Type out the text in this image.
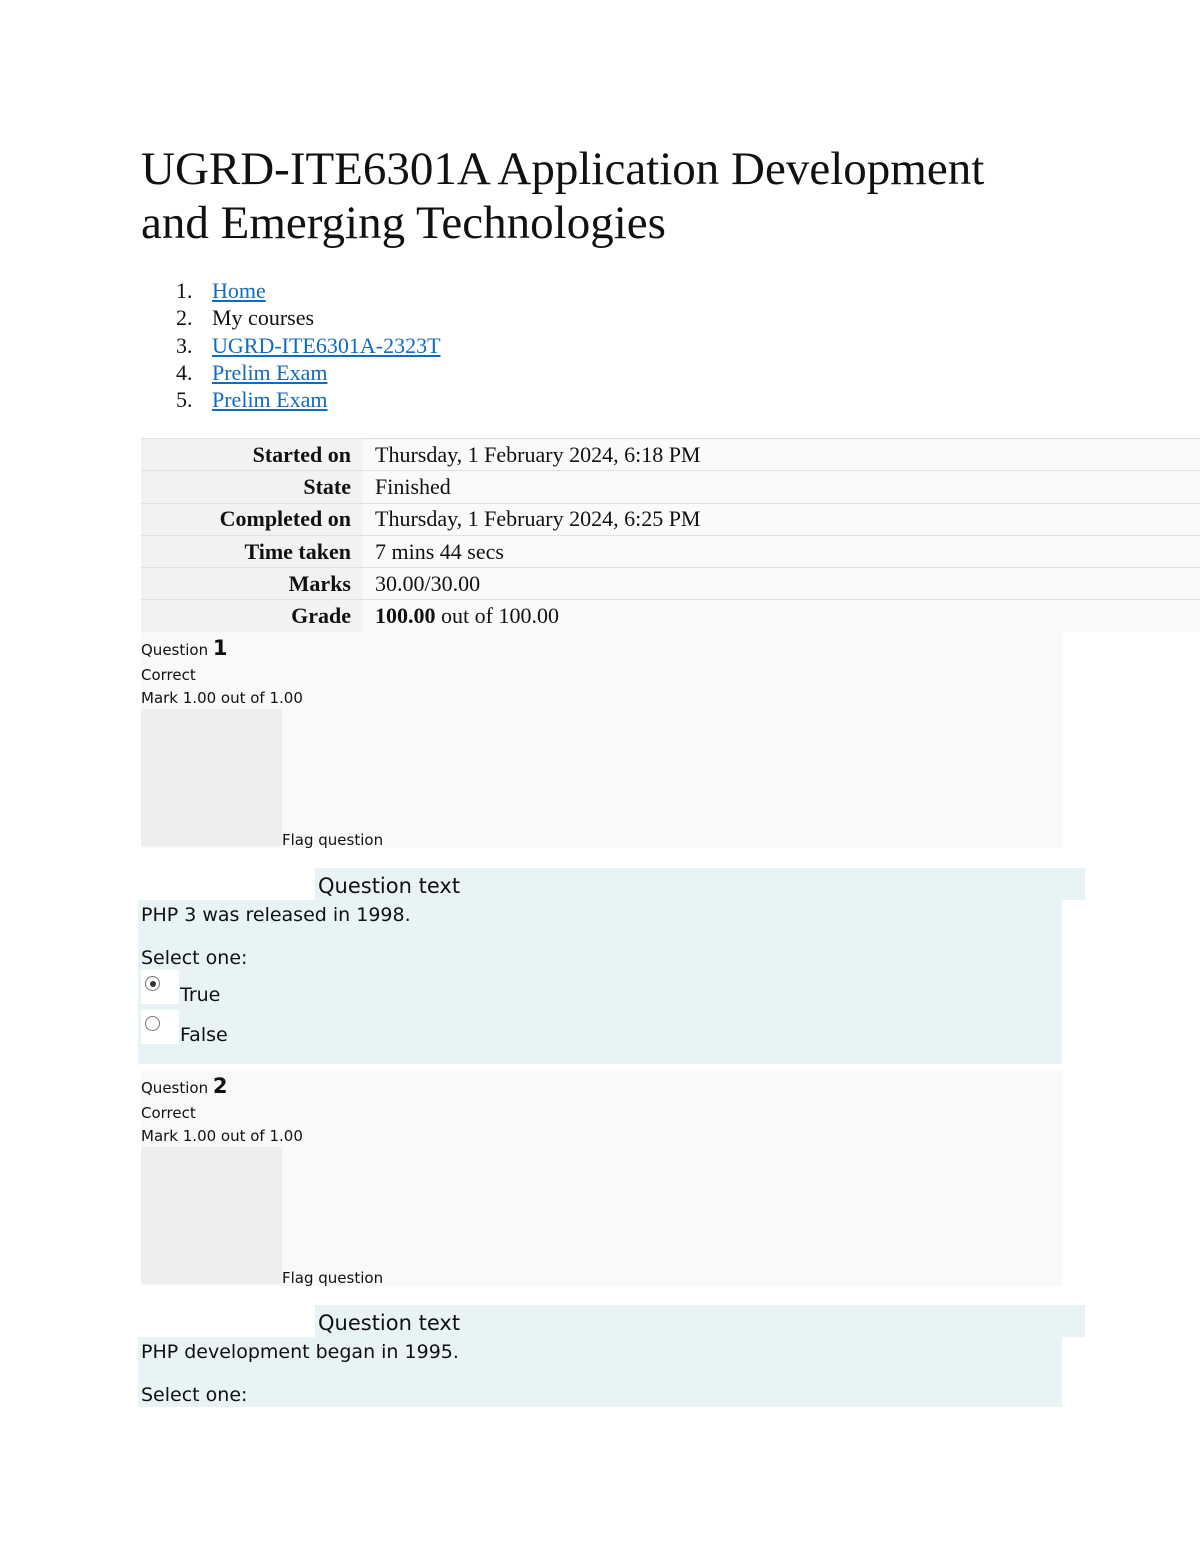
UGRD-ITE6301A Application Development and Emerging Technologies
1. Home
2. My courses
3. UGRD-ITE6301A-2323T
4. Prelim Exam
5. Prelim Exam
Started on	Thursday, 1 February 2024, 6:18 PM
State	Finished
Completed on	Thursday, 1 February 2024, 6:25 PM
Time taken	7 mins 44 secs
Marks	30.00/30.00
Grade	100.00 out of 100.00
Question 1
Correct
Mark 1.00 out of 1.00
Flag question
Question text
PHP 3 was released in 1998.
Select one:
True
False
Question 2
Correct
Mark 1.00 out of 1.00
Flag question
Question text
PHP development began in 1995.
Select one:
